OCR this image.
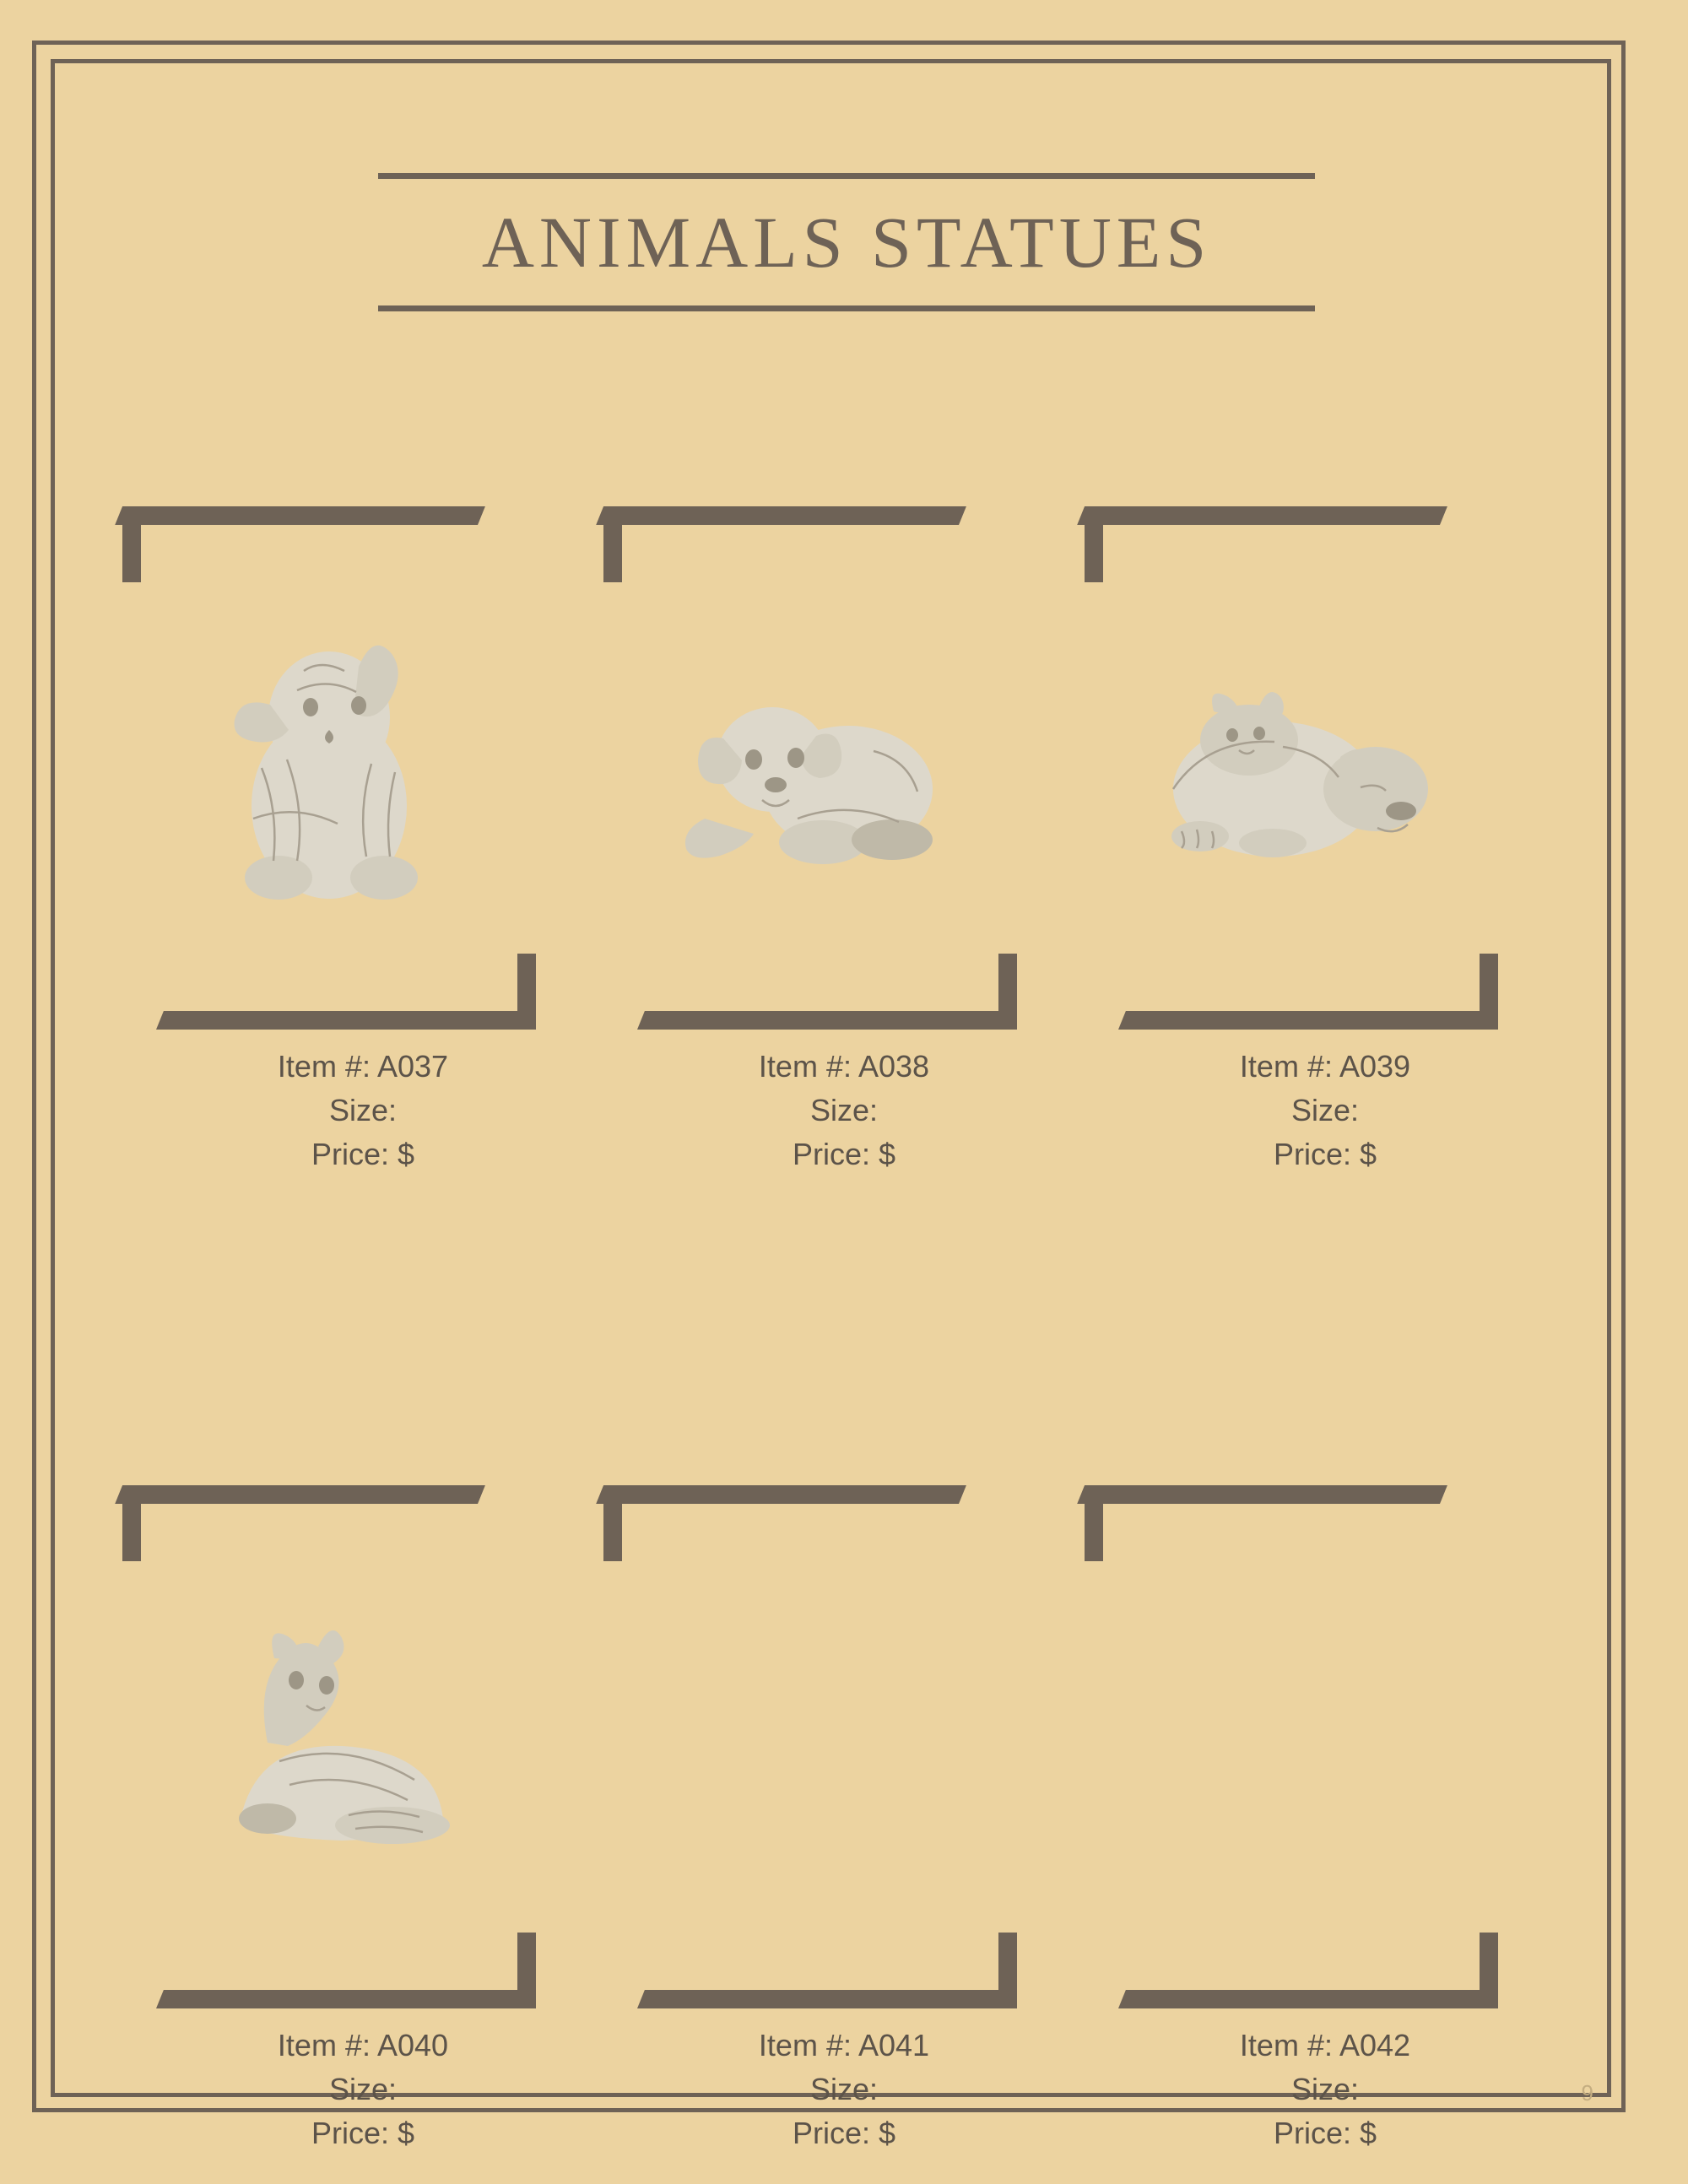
ANIMALS STATUES
Item #: A037
Size:
Price: $
Item #: A038
Size:
Price: $
Item #: A039
Size:
Price: $
Item #: A040
Size:
Price: $
Item #: A041
Size:
Price: $
Item #: A042
Size:
Price: $
9
